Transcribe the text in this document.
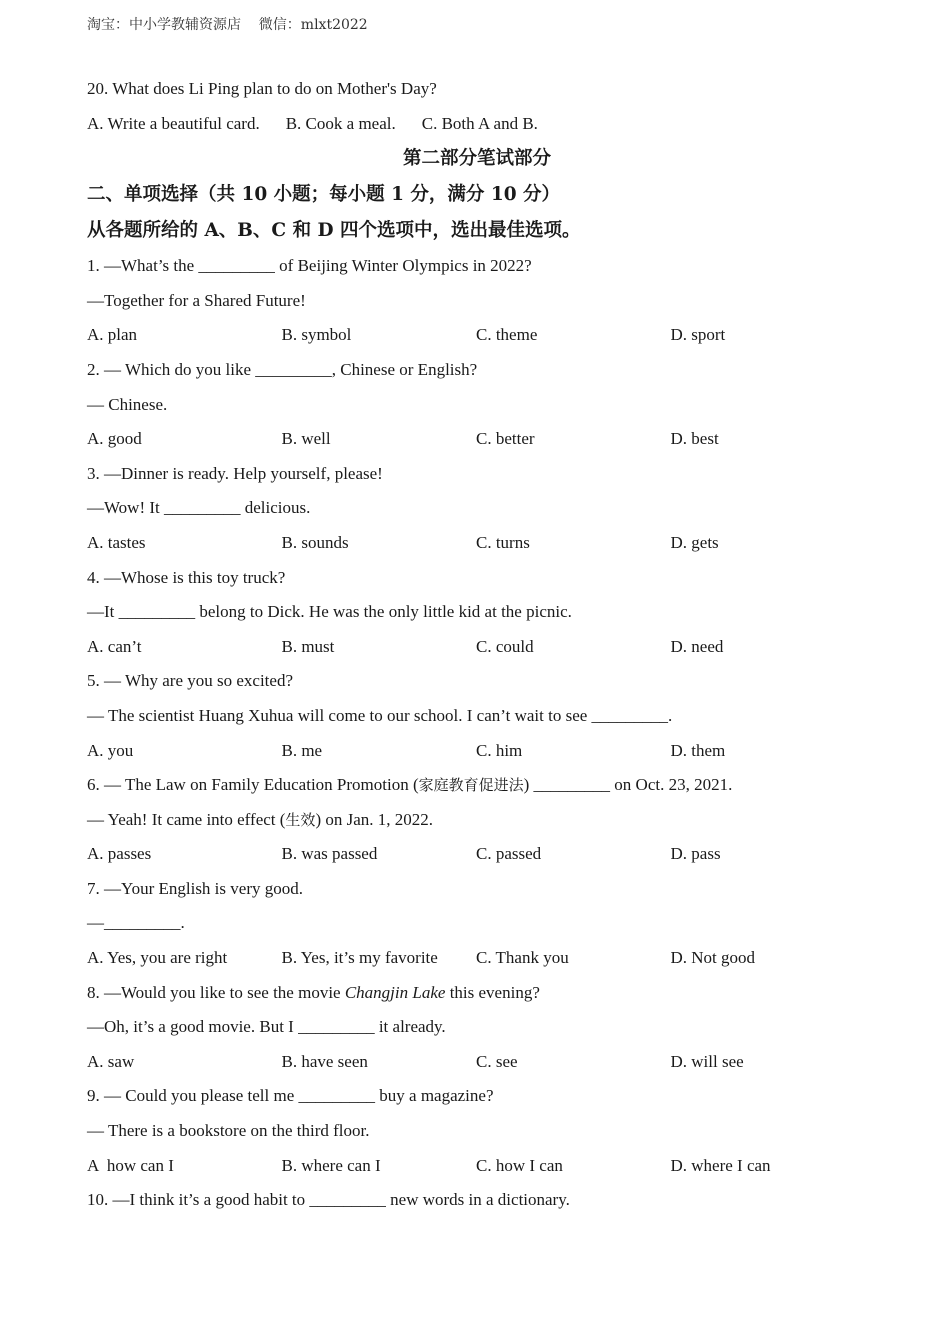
淘宝：中小学教辅资源店    微信：mlxt2022
20. What does Li Ping plan to do on Mother's Day?
A. Write a beautiful card. B. Cook a meal. C. Both A and B.
第二部分笔试部分
二、单项选择（共 10 小题；每小题 1 分，满分 10 分）
从各题所给的 A、B、C 和 D 四个选项中，选出最佳选项。
1. —What’s the _________ of Beijing Winter Olympics in 2022?
—Together for a Shared Future!
A. plan	B. symbol	C. theme	D. sport
2. — Which do you like _________, Chinese or English?
— Chinese.
A. good	B. well	C. better	D. best
3. —Dinner is ready. Help yourself, please!
—Wow! It _________ delicious.
A. tastes	B. sounds	C. turns	D. gets
4. —Whose is this toy truck?
—It _________ belong to Dick. He was the only little kid at the picnic.
A. can’t	B. must	C. could	D. need
5. — Why are you so excited?
— The scientist Huang Xuhua will come to our school. I can’t wait to see _________.
A. you	B. me	C. him	D. them
6. — The Law on Family Education Promotion (家庭教育促进法) _________ on Oct. 23, 2021.
— Yeah! It came into effect (生效) on Jan. 1, 2022.
A. passes	B. was passed	C. passed	D. pass
7. —Your English is very good.
—_________.
A. Yes, you are right	B. Yes, it’s my favorite	C. Thank you	D. Not good
8. —Would you like to see the movie Changjin Lake this evening?
—Oh, it’s a good movie. But I _________ it already.
A. saw	B. have seen	C. see	D. will see
9. — Could you please tell me _________ buy a magazine?
— There is a bookstore on the third floor.
A  how can I	B. where can I	C. how I can	D. where I can
10. —I think it’s a good habit to _________ new words in a dictionary.
